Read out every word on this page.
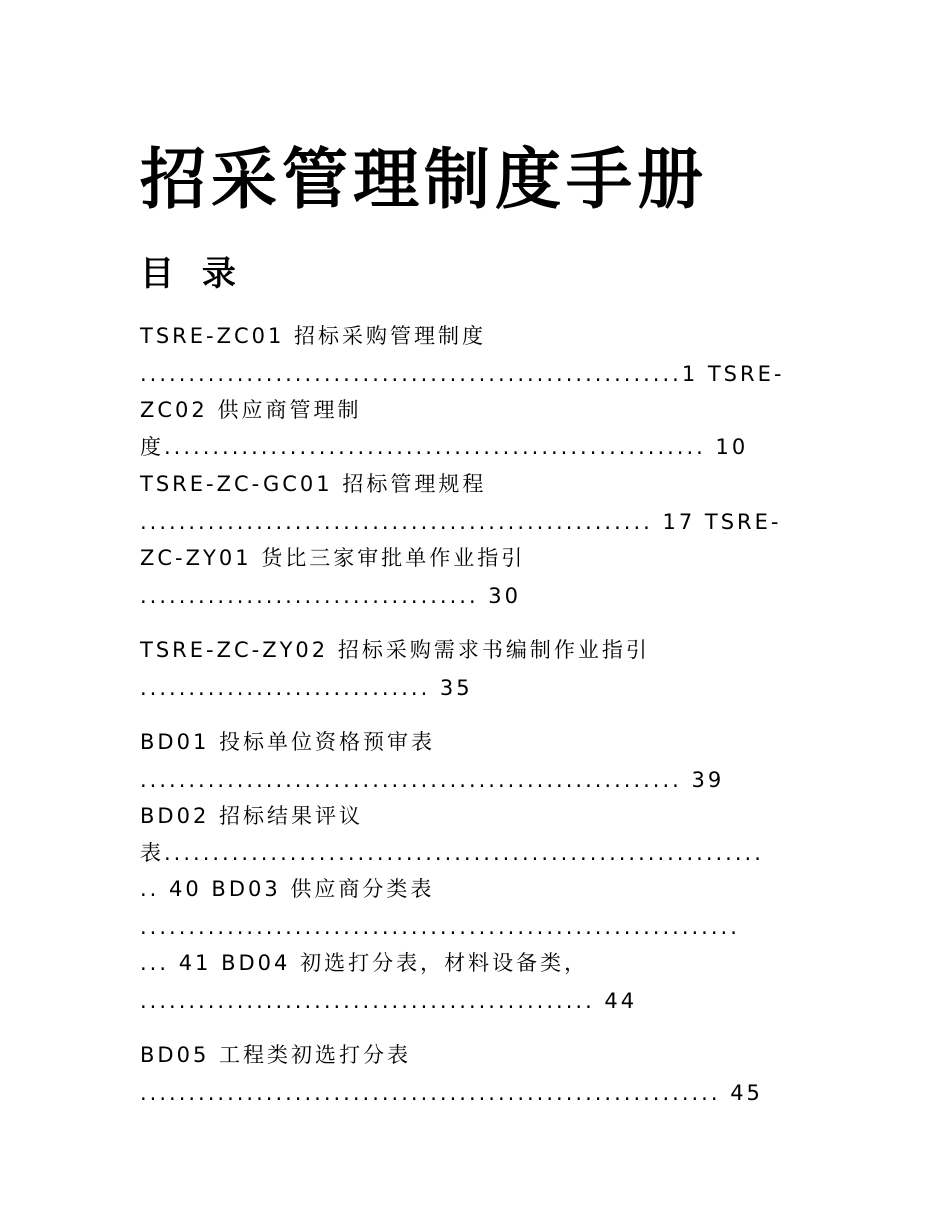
招采管理制度手册
目 录
TSRE-ZC01 招标采购管理制度
........................................................1 TSRE-
ZC02 供应商管理制
度........................................................ 10
TSRE-ZC-GC01 招标管理规程
..................................................... 17 TSRE-
ZC-ZY01 货比三家审批单作业指引
................................... 30
TSRE-ZC-ZY02 招标采购需求书编制作业指引
.............................. 35
BD01 投标单位资格预审表
........................................................ 39
BD02 招标结果评议
表..............................................................
.. 40 BD03 供应商分类表
..............................................................
... 41 BD04 初选打分表，材料设备类，
............................................... 44
BD05 工程类初选打分表
............................................................ 45
